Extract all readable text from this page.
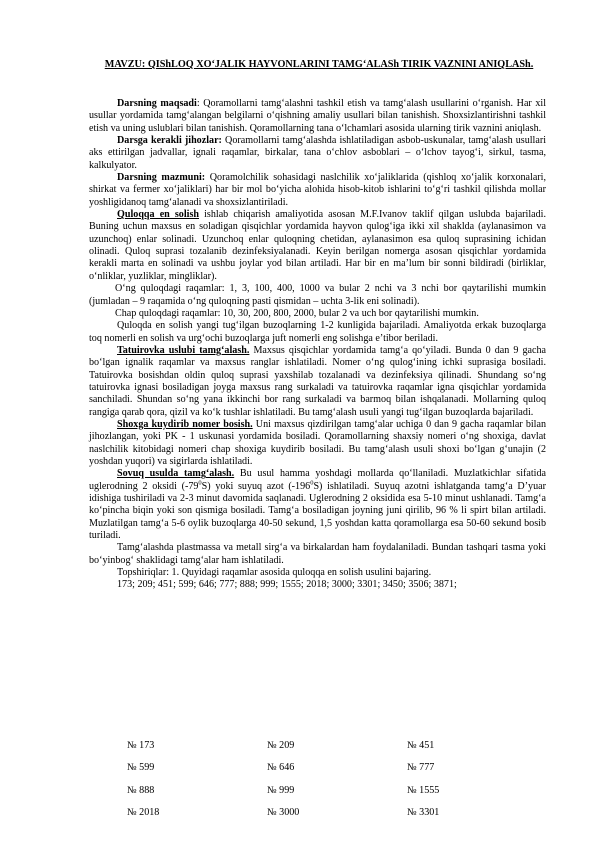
MAVZU: QIShLOQ XO‘JALIK HAYVONLARINI TAMG‘ALASh TIRIK VAZNINI ANIQLASh.

Darsning maqsadi: Qoramollarni tamg‘alashni tashkil etish va tamg‘alash usullarini o‘rganish. Har xil usullar yordamida tamg‘alangan belgilarni o‘qishning amaliy usullari bilan tanishish. Shoxsizlantirishni tashkil etish va uning uslublari bilan tanishish. Qoramollarning tana o‘lchamlari asosida ularning tirik vaznini aniqlash.

Darsga kerakli jihozlar: Qoramollarni tamg‘alashda ishlatiladigan asbob-uskunalar, tamg‘alash usullari aks ettirilgan jadvallar, ignali raqamlar, birkalar, tana o‘chlov asboblari – o‘lchov tayog‘i, sirkul, tasma, kalkulyator.

Darsning mazmuni: Qoramolchilik sohasidagi naslchilik xo‘jaliklarida (qishloq xo‘jalik korxonalari, shirkat va fermer xo‘jaliklari) har bir mol bo‘yicha alohida hisob-kitob ishlarini to‘g‘ri tashkil qilishda mollar yoshligidanoq tamg‘alanadi va shoxsizlantiriladi.

Quloqqa en solish ishlab chiqarish amaliyotida asosan M.F.Ivanov taklif qilgan uslubda bajariladi. Buning uchun maxsus en soladigan qisqichlar yordamida hayvon qulog‘iga ikki xil shaklda (aylanasimon va uzunchoq) enlar solinadi. Uzunchoq enlar quloqning chetidan, aylanasimon esa quloq suprasining ichidan olinadi. Quloq suprasi tozalanib dezinfeksiyalanadi. Keyin berilgan nomerga asosan qisqichlar yordamida kerakli marta en solinadi va ushbu joylar yod bilan artiladi. Har bir en ma’lum bir sonni bildiradi (birliklar, o‘nliklar, yuzliklar, mingliklar).

O‘ng quloqdagi raqamlar: 1, 3, 100, 400, 1000 va bular 2 nchi va 3 nchi bor qaytarilishi mumkin (jumladan – 9 raqamida o‘ng quloqning pasti qismidan – uchta 3-lik eni solinadi).

Chap quloqdagi raqamlar: 10, 30, 200, 800, 2000, bular 2 va uch bor qaytarilishi mumkin.

Quloqda en solish yangi tug‘ilgan buzoqlarning 1-2 kunligida bajariladi. Amaliyotda erkak buzoqlarga toq nomerli en solish va urg‘ochi buzoqlarga juft nomerli eng solishga e’tibor beriladi.

Tatuirovka uslubi tamg‘alash. Maxsus qisqichlar yordamida tamg‘a qo‘yiladi. Bunda 0 dan 9 gacha bo‘lgan ignalik raqamlar va maxsus ranglar ishlatiladi. Nomer o‘ng qulog‘ining ichki suprasiga bosiladi. Tatuirovka bosishdan oldin quloq suprasi yaxshilab tozalanadi va dezinfeksiya qilinadi. Shundang so‘ng tatuirovka ignasi bosiladigan joyga maxsus rang surkaladi va tatuirovka raqamlar igna qisqichlar yordamida sanchiladi. Shundan so‘ng yana ikkinchi bor rang surkaladi va barmoq bilan ishqalanadi. Mollarning quloq rangiga qarab qora, qizil va ko‘k tushlar ishlatiladi. Bu tamg‘alash usuli yangi tug‘ilgan buzoqlarda bajariladi.

Shoxga kuydirib nomer bosish. Uni maxsus qizdirilgan tamg‘alar uchiga 0 dan 9 gacha raqamlar bilan jihozlangan, yoki PK - 1 uskunasi yordamida bosiladi. Qoramollarning shaxsiy nomeri o‘ng shoxiga, davlat naslchilik kitobidagi nomeri chap shoxiga kuydirib bosiladi. Bu tamg‘alash usuli shoxi bo‘lgan g‘unajin (2 yoshdan yuqori) va sigirlarda ishlatiladi.

Sovuq usulda tamg‘alash. Bu usul hamma yoshdagi mollarda qo‘llaniladi. Muzlatkichlar sifatida uglerodning 2 oksidi $(-79^0S)$ yoki suyuq azot $(-196^0S)$ ishlatiladi. Suyuq azotni ishlatganda tamg‘a D’yuar idishiga tushiriladi va 2-3 minut davomida saqlanadi. Uglerodning 2 oksidida esa 5-10 minut ushlanadi. Tamg‘a ko‘pincha biqin yoki son qismiga bosiladi. Tamg‘a bosiladigan joyning juni qirilib, 96 % li spirt bilan artiladi. Muzlatilgan tamg‘a 5-6 oylik buzoqlarga 40-50 sekund, 1,5 yoshdan katta qoramollarga esa 50-60 sekund bosib turiladi.

Tamg‘alashda plastmassa va metall sirg‘a va birkalardan ham foydalaniladi. Bundan tashqari tasma yoki bo‘yinbog‘ shaklidagi tamg‘alar ham ishlatiladi.

Topshiriqlar: 1. Quyidagi raqamlar asosida quloqqa en solish usulini bajaring.

173; 209; 451; 599; 646; 777; 888; 999; 1555; 2018; 3000; 3301; 3450; 3506; 3871;

№ 173	№ 209	№ 451
№ 599	№ 646	№ 777
№ 888	№ 999	№ 1555
№ 2018	№ 3000	№ 3301
